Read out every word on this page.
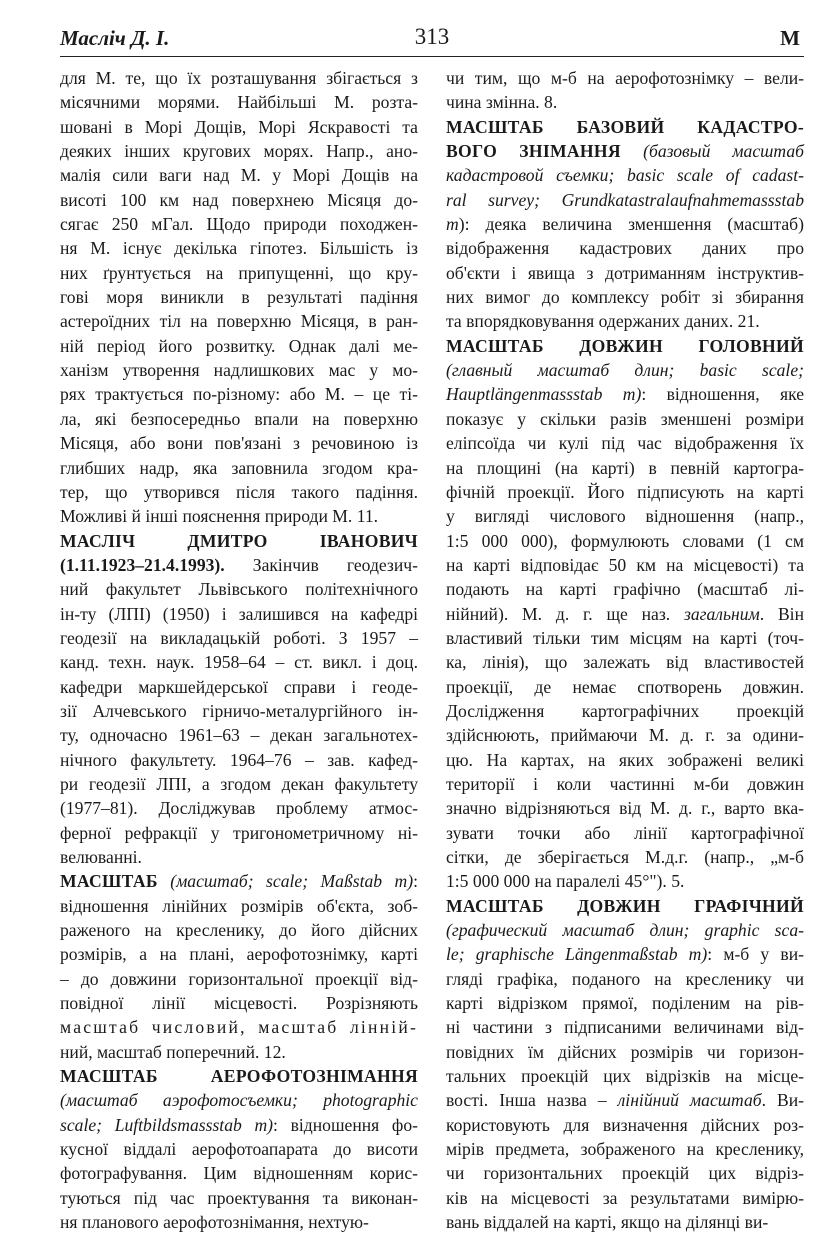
Масліч Д. І.	313	М
для М. те, що їх розташування збігається з
місячними морями. Найбільші М. розта-
шовані в Морі Дощів, Морі Яскравості та
деяких інших кругових морях. Напр., ано-
малія сили ваги над М. у Морі Дощів на
висоті 100 км над поверхнею Місяця до-
сягає 250 мГал. Щодо природи походжен-
ня М. існує декілька гіпотез. Більшість із
них ґрунтується на припущенні, що кру-
гові моря виникли в результаті падіння
астероїдних тіл на поверхню Місяця, в ран-
ній період його розвитку. Однак далі ме-
ханізм утворення надлишкових мас у мо-
рях трактується по-різному: або М. – це ті-
ла, які безпосередньо впали на поверхню
Місяця, або вони пов'язані з речовиною із
глибших надр, яка заповнила згодом кра-
тер, що утворився після такого падіння.
Можливі й інші пояснення природи М. 11.
МАСЛІЧ ДМИТРО ІВАНОВИЧ
(1.11.1923–21.4.1993). Закінчив геодезич-
ний факультет Львівського політехнічного
ін-ту (ЛПІ) (1950) і залишився на кафедрі
геодезії на викладацькій роботі. З 1957 –
канд. техн. наук. 1958–64 – ст. викл. і доц.
кафедри маркшейдерської справи і геоде-
зії Алчевського гірничо-металургійного ін-
ту, одночасно 1961–63 – декан загальнотех-
нічного факультету. 1964–76 – зав. кафед-
ри геодезії ЛПІ, а згодом декан факультету
(1977–81). Досліджував проблему атмос-
ферної рефракції у тригонометричному ні-
велюванні.
МАСШТАБ (масштаб; scale; Maßstab m):
відношення лінійних розмірів об'єкта, зоб-
раженого на кресленику, до його дійсних
розмірів, а на плані, аерофотознімку, карті
– до довжини горизонтальної проекції від-
повідної лінії місцевості. Розрізняють
масштаб числовий, масштаб лінній-
ний, масштаб поперечний. 12.
МАСШТАБ АЕРОФОТОЗНІМАННЯ
(масштаб аэрофотосъемки; photographic
scale; Luftbildsmassstab m): відношення фо-
кусної віддалі аерофотоапарата до висоти
фотографування. Цим відношенням корис-
туються під час проектування та виконан-
ня планового аерофотознімання, нехтую-
чи тим, що м-б на аерофотознімку – вели-
чина змінна. 8.
МАСШТАБ БАЗОВИЙ КАДАСТРО-
ВОГО ЗНІМАННЯ (базовый масштаб
кадастровой съемки; basic scale of cadast-
ral survey; Grundkatastralaufnahmemassstab
m): деяка величина зменшення (масштаб)
відображення кадастрових даних про
об'єкти і явища з дотриманням інструктив-
них вимог до комплексу робіт зі збирання
та впорядковування одержаних даних. 21.
МАСШТАБ ДОВЖИН ГОЛОВНИЙ
(главный масштаб длин; basic scale;
Hauptlängenmassstab m): відношення, яке
показує у скільки разів зменшені розміри
еліпсоїда чи кулі під час відображення їх
на площині (на карті) в певній картогра-
фічній проекції. Його підписують на карті
у вигляді числового відношення (напр.,
1:5 000 000), формулюють словами (1 см
на карті відповідає 50 км на місцевості) та
подають на карті графічно (масштаб лі-
нійний). М. д. г. ще наз. загальним. Він
властивий тільки тим місцям на карті (точ-
ка, лінія), що залежать від властивостей
проекції, де немає спотворень довжин.
Дослідження картографічних проекцій
здійснюють, приймаючи М. д. г. за одини-
цю. На картах, на яких зображені великі
території і коли частинні м-би довжин
значно відрізняються від М. д. г., варто вка-
зувати точки або лінії картографічної
сітки, де зберігається М.д.г. (напр., „м-б
1:5 000 000 на паралелі 45°"). 5.
МАСШТАБ ДОВЖИН ГРАФІЧНИЙ
(графический масштаб длин; graphic sca-
le; graphische Längenmaßstab m): м-б у ви-
гляді графіка, поданого на кресленику чи
карті відрізком прямої, поділеним на рів-
ні частини з підписаними величинами від-
повідних їм дійсних розмірів чи горизон-
тальних проекцій цих відрізків на місце-
вості. Інша назва – лінійний масштаб. Ви-
користовують для визначення дійсних роз-
мірів предмета, зображеного на кресленику,
чи горизонтальних проекцій цих відріз-
ків на місцевості за результатами вимірю-
вань віддалей на карті, якщо на ділянці ви-
